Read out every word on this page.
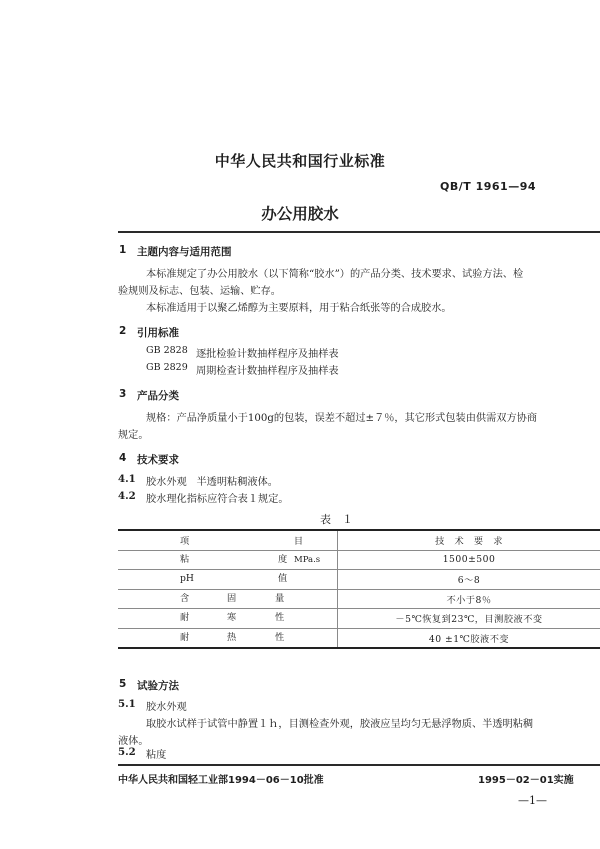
中华人民共和国行业标准
QB/T 1961—94
办公用胶水
1 主题内容与适用范围
本标准规定了办公用胶水（以下简称“胶水”）的产品分类、技术要求、试验方法、检
验规则及标志、包装、运输、贮存。
本标准适用于以聚乙烯醇为主要原料，用于粘合纸张等的合成胶水。
2 引用标准
GB 2828 逐批检验计数抽样程序及抽样表
GB 2829 周期检查计数抽样程序及抽样表
3 产品分类
规格：产品净质量小于100g的包装，误差不超过±７％，其它形式包装由供需双方协商
规定。
4 技术要求
4.1 胶水外观   半透明粘稠液体。
4.2 胶水理化指标应符合表１规定。
表　１
项 目	技　术　要　求

粘 度 MPa.s	1500±500

pH 值	6～8

含 固 量	不小于8％

耐 寒 性	－5℃恢复到23℃，目测胶液不变

耐 热 性	40 ±1℃胶液不变
5 试验方法
5.1 胶水外观
取胶水试样于试管中静置１ｈ，目测检查外观，胶液应呈均匀无悬浮物质、半透明粘稠
液体。
5.2 粘度
中华人民共和国轻工业部1994－06－10批准	1995－02－01实施
—1—
